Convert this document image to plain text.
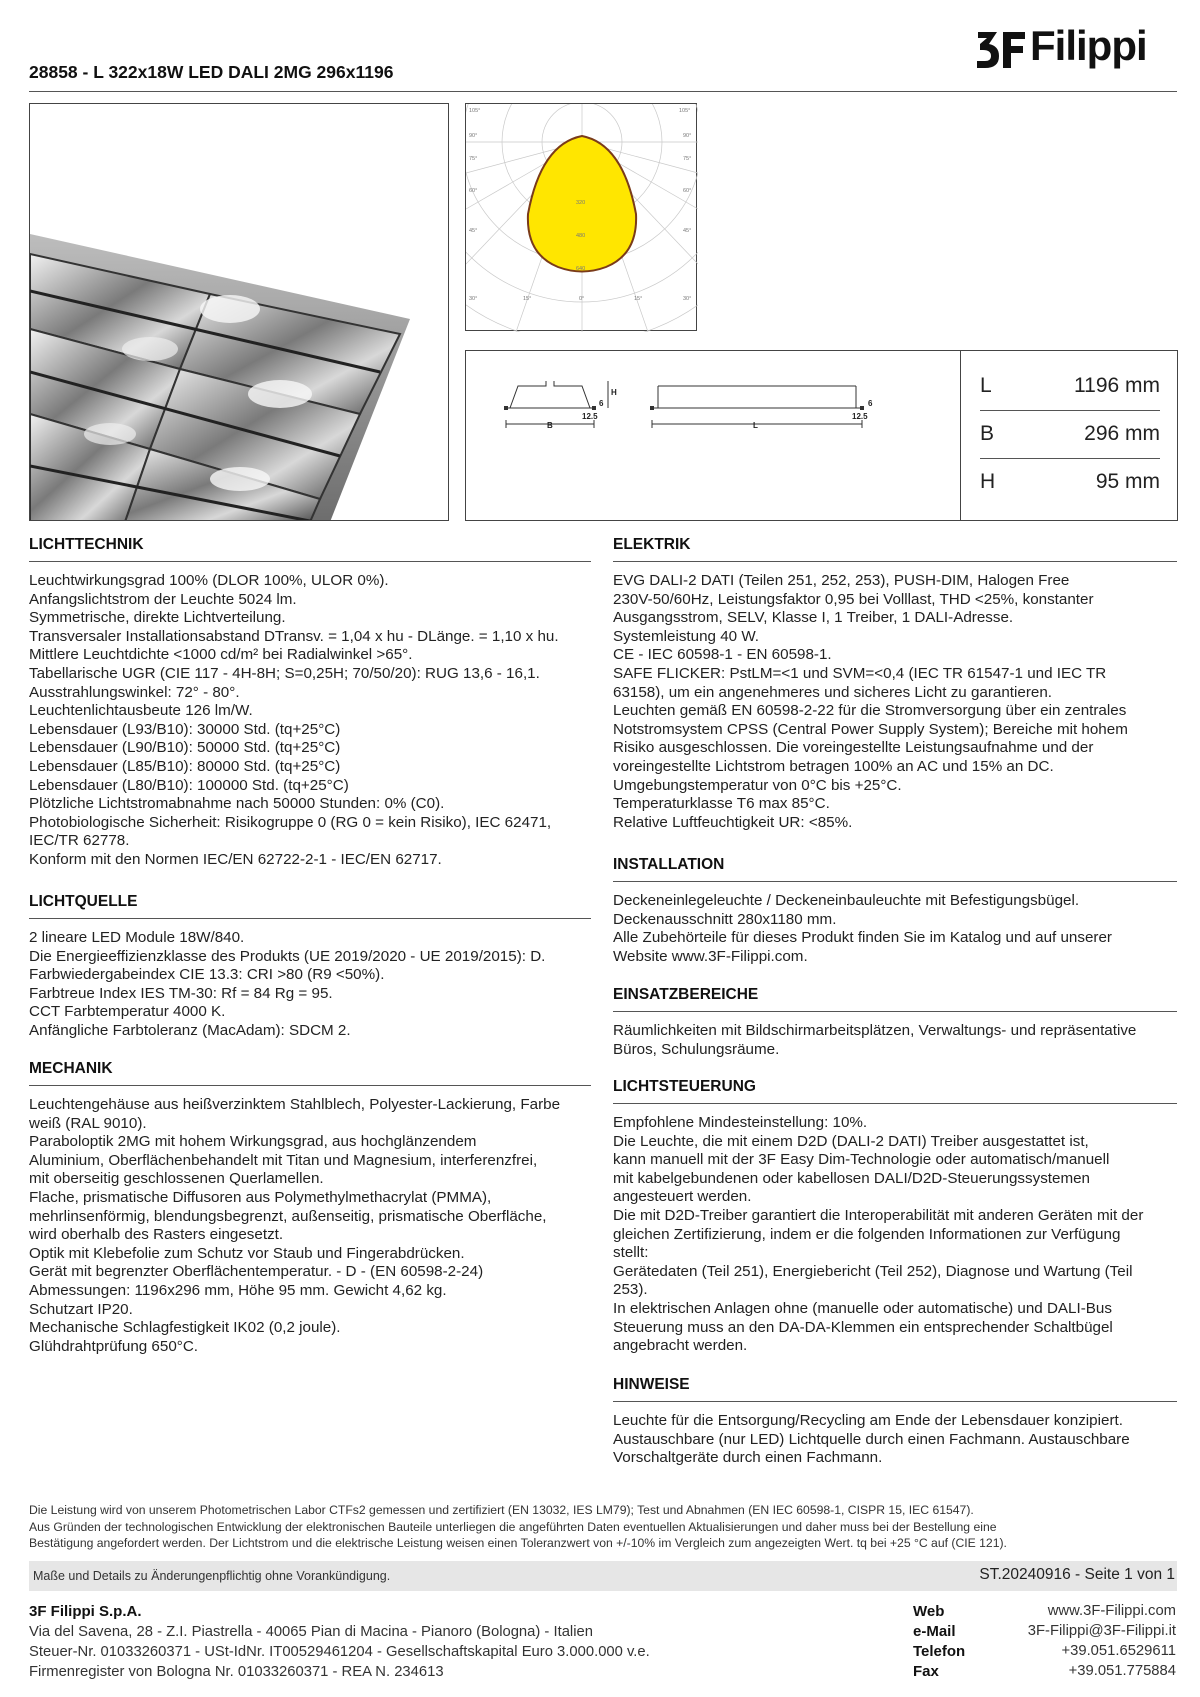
Filippi
28858 - L 322x18W LED DALI 2MG 296x1196
105°
90°
75°
60°
45°
30°
105°
90°
75°
60°
45°
30°
15°	0°	15°
320
480
640
H
B	L
6
12.5
6
12.5
L	1196 mm
B	296 mm
H	95 mm
LICHTTECHNIK
Leuchtwirkungsgrad 100% (DLOR 100%, ULOR 0%).
Anfangslichtstrom der Leuchte 5024 lm.
Symmetrische, direkte Lichtverteilung.
Transversaler Installationsabstand DTransv. = 1,04 x hu - DLänge. = 1,10 x hu.
Mittlere Leuchtdichte <1000 cd/m² bei Radialwinkel >65°.
Tabellarische UGR (CIE 117 - 4H-8H; S=0,25H; 70/50/20): RUG 13,6 - 16,1.
Ausstrahlungswinkel: 72° - 80°.
Leuchtenlichtausbeute 126 lm/W.
Lebensdauer (L93/B10): 30000 Std. (tq+25°C)
Lebensdauer (L90/B10): 50000 Std. (tq+25°C)
Lebensdauer (L85/B10): 80000 Std. (tq+25°C)
Lebensdauer (L80/B10): 100000 Std. (tq+25°C)
Plötzliche Lichtstromabnahme nach 50000 Stunden: 0% (C0).
Photobiologische Sicherheit: Risikogruppe 0 (RG 0 = kein Risiko), IEC 62471,
IEC/TR 62778.
Konform mit den Normen IEC/EN 62722-2-1 - IEC/EN 62717.
LICHTQUELLE
2 lineare LED Module 18W/840.
Die Energieeffizienzklasse des Produkts (UE 2019/2020 - UE 2019/2015): D.
Farbwiedergabeindex CIE 13.3: CRI >80 (R9 <50%).
Farbtreue Index IES TM-30: Rf = 84 Rg = 95.
CCT Farbtemperatur 4000 K.
Anfängliche Farbtoleranz (MacAdam): SDCM 2.
MECHANIK
Leuchtengehäuse aus heißverzinktem Stahlblech, Polyester-Lackierung, Farbe
weiß (RAL 9010).
Paraboloptik 2MG mit hohem Wirkungsgrad, aus hochglänzendem
Aluminium, Oberflächenbehandelt mit Titan und Magnesium, interferenzfrei,
mit oberseitig geschlossenen Querlamellen.
Flache, prismatische Diffusoren aus Polymethylmethacrylat (PMMA),
mehrlinsenförmig, blendungsbegrenzt, außenseitig, prismatische Oberfläche,
wird oberhalb des Rasters eingesetzt.
Optik mit Klebefolie zum Schutz vor Staub und Fingerabdrücken.
Gerät mit begrenzter Oberflächentemperatur. - D - (EN 60598-2-24)
Abmessungen: 1196x296 mm, Höhe 95 mm. Gewicht 4,62 kg.
Schutzart IP20.
Mechanische Schlagfestigkeit IK02 (0,2 joule).
Glühdrahtprüfung 650°C.
ELEKTRIK
EVG DALI-2 DATI (Teilen 251, 252, 253), PUSH-DIM, Halogen Free
230V-50/60Hz, Leistungsfaktor 0,95 bei Volllast, THD <25%, konstanter
Ausgangsstrom, SELV, Klasse I, 1 Treiber, 1 DALI-Adresse.
Systemleistung 40 W.
CE - IEC 60598-1 - EN 60598-1.
SAFE FLICKER: PstLM=<1 und SVM=<0,4 (IEC TR 61547-1 und IEC TR
63158), um ein angenehmeres und sicheres Licht zu garantieren.
Leuchten gemäß EN 60598-2-22 für die Stromversorgung über ein zentrales
Notstromsystem CPSS (Central Power Supply System); Bereiche mit hohem
Risiko ausgeschlossen. Die voreingestellte Leistungsaufnahme und der
voreingestellte Lichtstrom betragen 100% an AC und 15% an DC.
Umgebungstemperatur von 0°C bis +25°C.
Temperaturklasse T6 max 85°C.
Relative Luftfeuchtigkeit UR: <85%.
INSTALLATION
Deckeneinlegeleuchte / Deckeneinbauleuchte mit Befestigungsbügel.
Deckenausschnitt 280x1180 mm.
Alle Zubehörteile für dieses Produkt finden Sie im Katalog und auf unserer
Website www.3F-Filippi.com.
EINSATZBEREICHE
Räumlichkeiten mit Bildschirmarbeitsplätzen, Verwaltungs- und repräsentative
Büros, Schulungsräume.
LICHTSTEUERUNG
Empfohlene Mindesteinstellung: 10%.
Die Leuchte, die mit einem D2D (DALI-2 DATI) Treiber ausgestattet ist,
kann manuell mit der 3F Easy Dim-Technologie oder automatisch/manuell
mit kabelgebundenen oder kabellosen DALI/D2D-Steuerungssystemen
angesteuert werden.
Die mit D2D-Treiber garantiert die Interoperabilität mit anderen Geräten mit der
gleichen Zertifizierung, indem er die folgenden Informationen zur Verfügung
stellt:
Gerätedaten (Teil 251), Energiebericht (Teil 252), Diagnose und Wartung (Teil
253).
In elektrischen Anlagen ohne (manuelle oder automatische) und DALI-Bus
Steuerung muss an den DA-DA-Klemmen ein entsprechender Schaltbügel
angebracht werden.
HINWEISE
Leuchte für die Entsorgung/Recycling am Ende der Lebensdauer konzipiert.
Austauschbare (nur LED) Lichtquelle durch einen Fachmann. Austauschbare
Vorschaltgeräte durch einen Fachmann.
Die Leistung wird von unserem Photometrischen Labor CTFs2 gemessen und zertifiziert (EN 13032, IES LM79); Test und Abnahmen (EN IEC 60598-1, CISPR 15, IEC 61547).
Aus Gründen der technologischen Entwicklung der elektronischen Bauteile unterliegen die angeführten Daten eventuellen Aktualisierungen und daher muss bei der Bestellung eine
Bestätigung angefordert werden. Der Lichtstrom und die elektrische Leistung weisen einen Toleranzwert von +/-10% im Vergleich zum angezeigten Wert. tq bei +25 °C auf (CIE 121).
Maße und Details zu Änderungenpflichtig ohne Vorankündigung.	ST.20240916 - Seite 1 von 1
3F Filippi S.p.A.
Via del Savena, 28 - Z.I. Piastrella - 40065 Pian di Macina - Pianoro (Bologna) - Italien
Steuer-Nr. 01033260371 - USt-IdNr. IT00529461204 - Gesellschaftskapital Euro 3.000.000 v.e.
Firmenregister von Bologna Nr. 01033260371 - REA N. 234613
Web	www.3F-Filippi.com
e-Mail	3F-Filippi@3F-Filippi.it
Telefon	+39.051.6529611
Fax	+39.051.775884
